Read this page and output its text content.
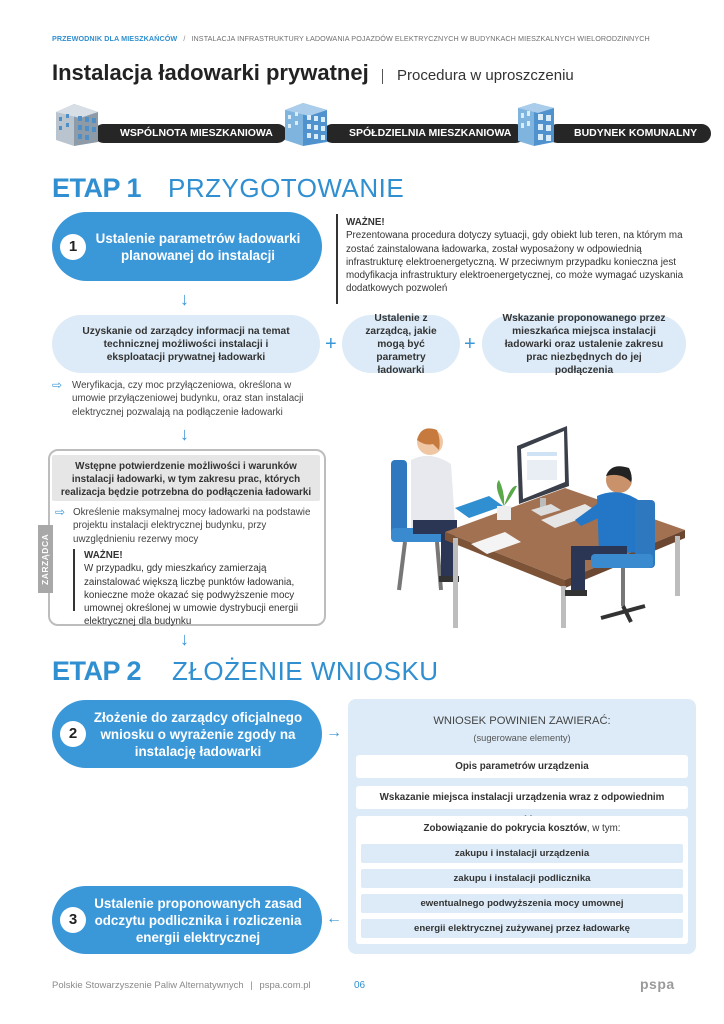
PRZEWODNIK DLA MIESZKAŃCÓW / INSTALACJA INFRASTRUKTURY ŁADOWANIA POJAZDÓW ELEKTRYCZNYCH W BUDYNKACH MIESZKALNYCH WIELORODZINNYCH
Instalacja ładowarki prywatnej Procedura w uproszczeniu
WSPÓLNOTA MIESZKANIOWA	SPÓŁDZIELNIA MIESZKANIOWA	BUDYNEK KOMUNALNY
ETAP 1 PRZYGOTOWANIE
Ustalenie parametrów ładowarki planowanej do instalacji
1
WAŻNE!
Prezentowana procedura dotyczy sytuacji, gdy obiekt lub teren, na którym ma zostać zainstalowana ładowarka, został wyposażony w odpowiednią infrastrukturę elektroenergetyczną. W przeciwnym przypadku konieczna jest modyfikacja infrastruktury elektroenergetycznej, co może wymagać uzyskania dodatkowych pozwoleń
↓
Uzyskanie od zarządcy informacji na temat technicznej możliwości instalacji i eksploatacji prywatnej ładowarki
+
Ustalenie z zarządcą, jakie mogą być parametry ładowarki
+
Wskazanie proponowanego przez mieszkańca miejsca instalacji ładowarki oraz ustalenie zakresu prac niezbędnych do jej podłączenia
⇨ Weryfikacja, czy moc przyłączeniowa, określona w umowie przyłączeniowej budynku, oraz stan instalacji elektrycznej pozwalają na podłączenie ładowarki
↓
Wstępne potwierdzenie możliwości i warunków instalacji ładowarki, w tym zakresu prac, których realizacja będzie potrzebna do podłączenia ładowarki
ZARZĄDCA
⇨ Określenie maksymalnej mocy ładowarki na podstawie projektu instalacji elektrycznej budynku, przy uwzględnieniu rezerwy mocy
WAŻNE!
W przypadku, gdy mieszkańcy zamierzają zainstalować większą liczbę punktów ładowania, konieczne może okazać się podwyższenie mocy umownej określonej w umowie dystrybucji energii elektrycznej dla budynku
↓
ETAP 2 ZŁOŻENIE WNIOSKU
Złożenie do zarządcy oficjalnego wniosku o wyrażenie zgody na instalację ładowarki
2	→
Ustalenie proponowanych zasad odczytu podlicznika i rozliczenia energii elektrycznej
3	←
WNIOSEK POWINIEN ZAWIERAĆ:
(sugerowane elementy)
Opis parametrów urządzenia
Wskazanie miejsca instalacji urządzenia wraz z odpowiednim
Zobowiązanie do pokrycia kosztów, w tym:
zakupu i instalacji urządzenia
zakupu i instalacji podlicznika
ewentualnego podwyższenia mocy umownej
energii elektrycznej zużywanej przez ładowarkę
Polskie Stowarzyszenie Paliw Alternatywnych | pspa.com.pl	06	pspa
